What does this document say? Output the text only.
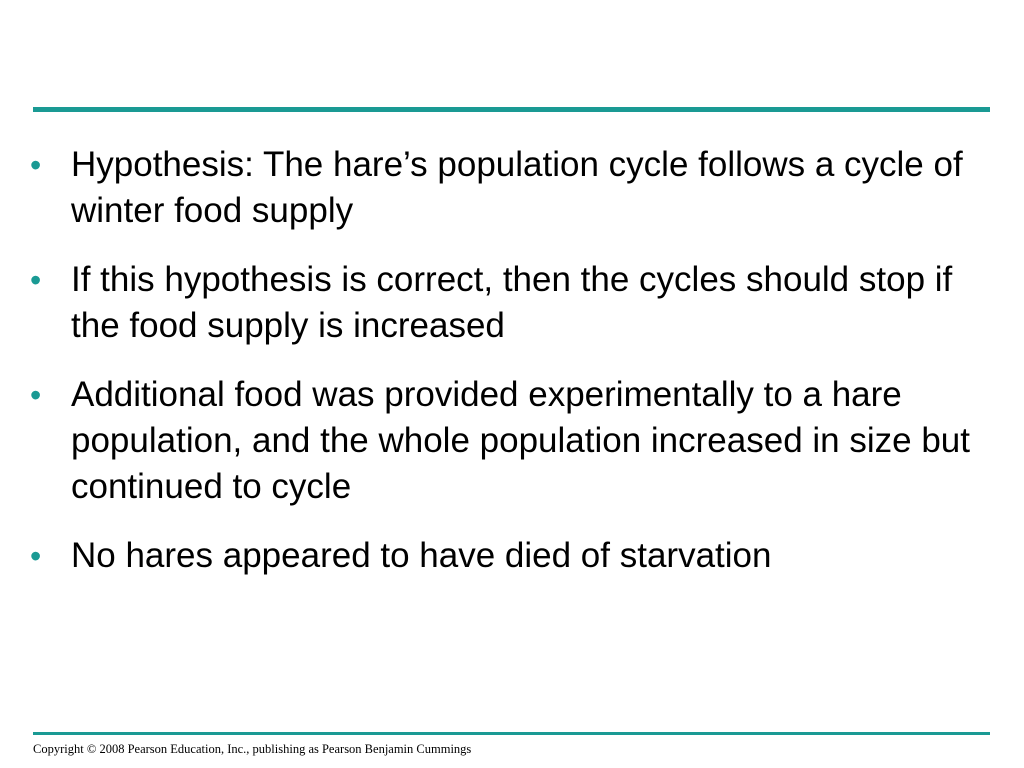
• Hypothesis: The hare’s population cycle follows a cycle of winter food supply
• If this hypothesis is correct, then the cycles should stop if the food supply is increased
• Additional food was provided experimentally to a hare population, and the whole population increased in size but continued to cycle
• No hares appeared to have died of starvation
Copyright © 2008 Pearson Education, Inc., publishing as Pearson Benjamin Cummings
